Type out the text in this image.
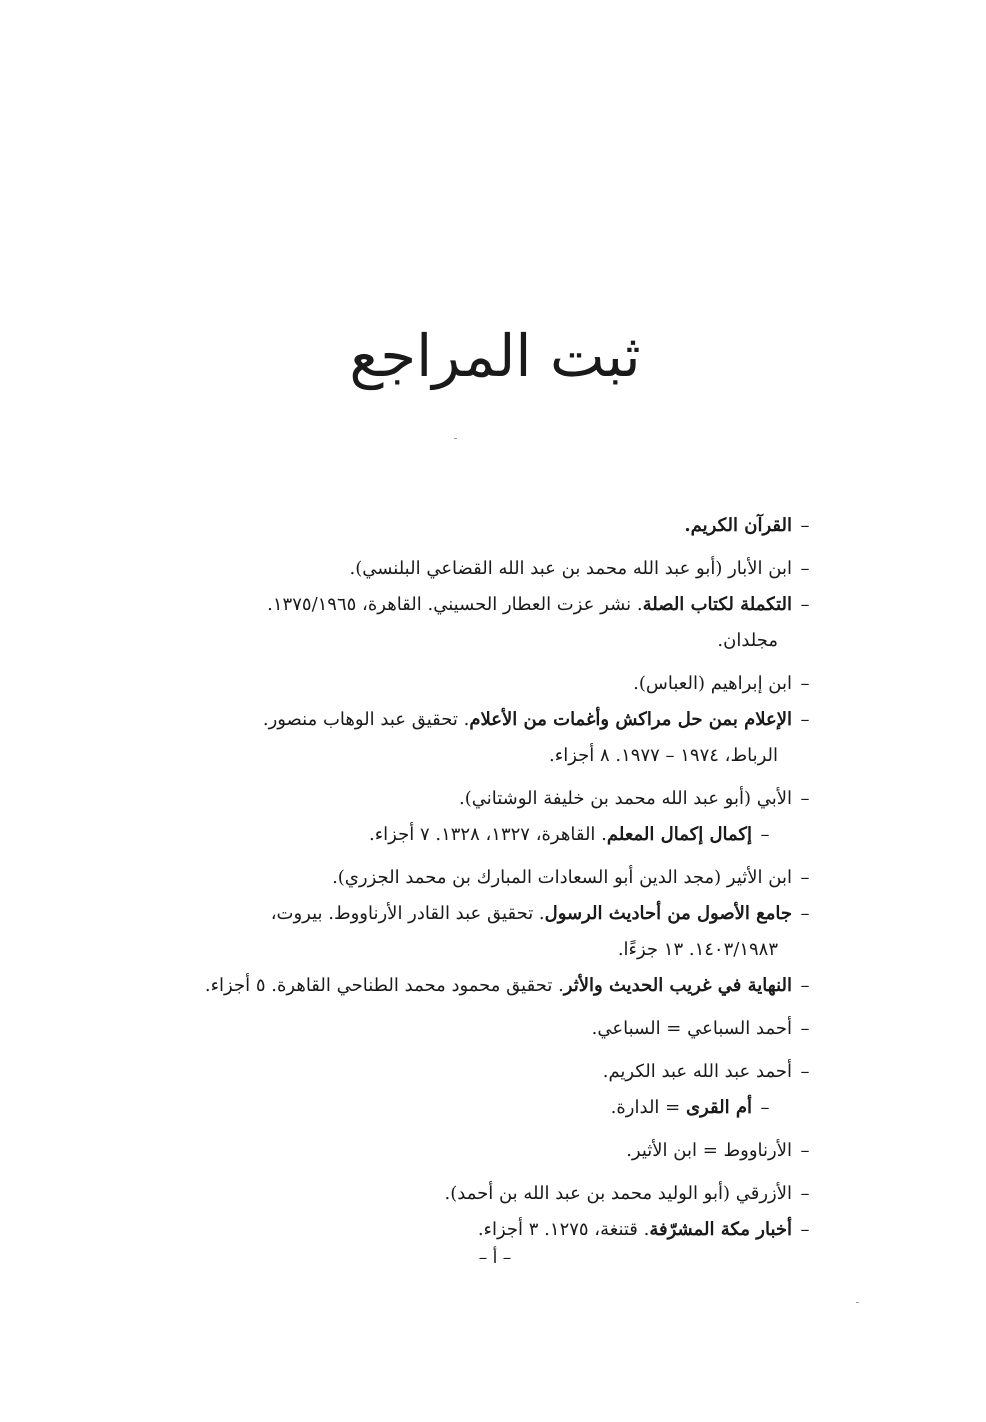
ثبت المراجع

–القرآن الكريم.

–ابن الأبار (أبو عبد الله محمد بن عبد الله القضاعي البلنسي).

–التكملة لكتاب الصلة. نشر عزت العطار الحسيني. القاهرة، ١٣٧٥/١٩٦٥.

مجلدان.

–ابن إبراهيم (العباس).

–الإعلام بمن حل مراكش وأغمات من الأعلام. تحقيق عبد الوهاب منصور.

الرباط، ١٩٧٤ – ١٩٧٧. ٨ أجزاء.

–الأبي (أبو عبد الله محمد بن خليفة الوشتاني).

–إكمال إكمال المعلم. القاهرة، ١٣٢٧، ١٣٢٨. ٧ أجزاء.

–ابن الأثير (مجد الدين أبو السعادات المبارك بن محمد الجزري).

–جامع الأصول من أحاديث الرسول. تحقيق عبد القادر الأرناووط. بيروت،

١٤٠٣/١٩٨٣. ١٣ جزءًا.

–النهاية في غريب الحديث والأثر. تحقيق محمود محمد الطناحي القاهرة. ٥ أجزاء.

–أحمد السباعي = السباعي.

–أحمد عبد الله عبد الكريم.

–أم القرى = الدارة.

–الأرناووط = ابن الأثير.

–الأزرقي (أبو الوليد محمد بن عبد الله بن أحمد).

–أخبار مكة المشرّفة. قتنغة، ١٢٧٥. ٣ أجزاء.

– أ –
